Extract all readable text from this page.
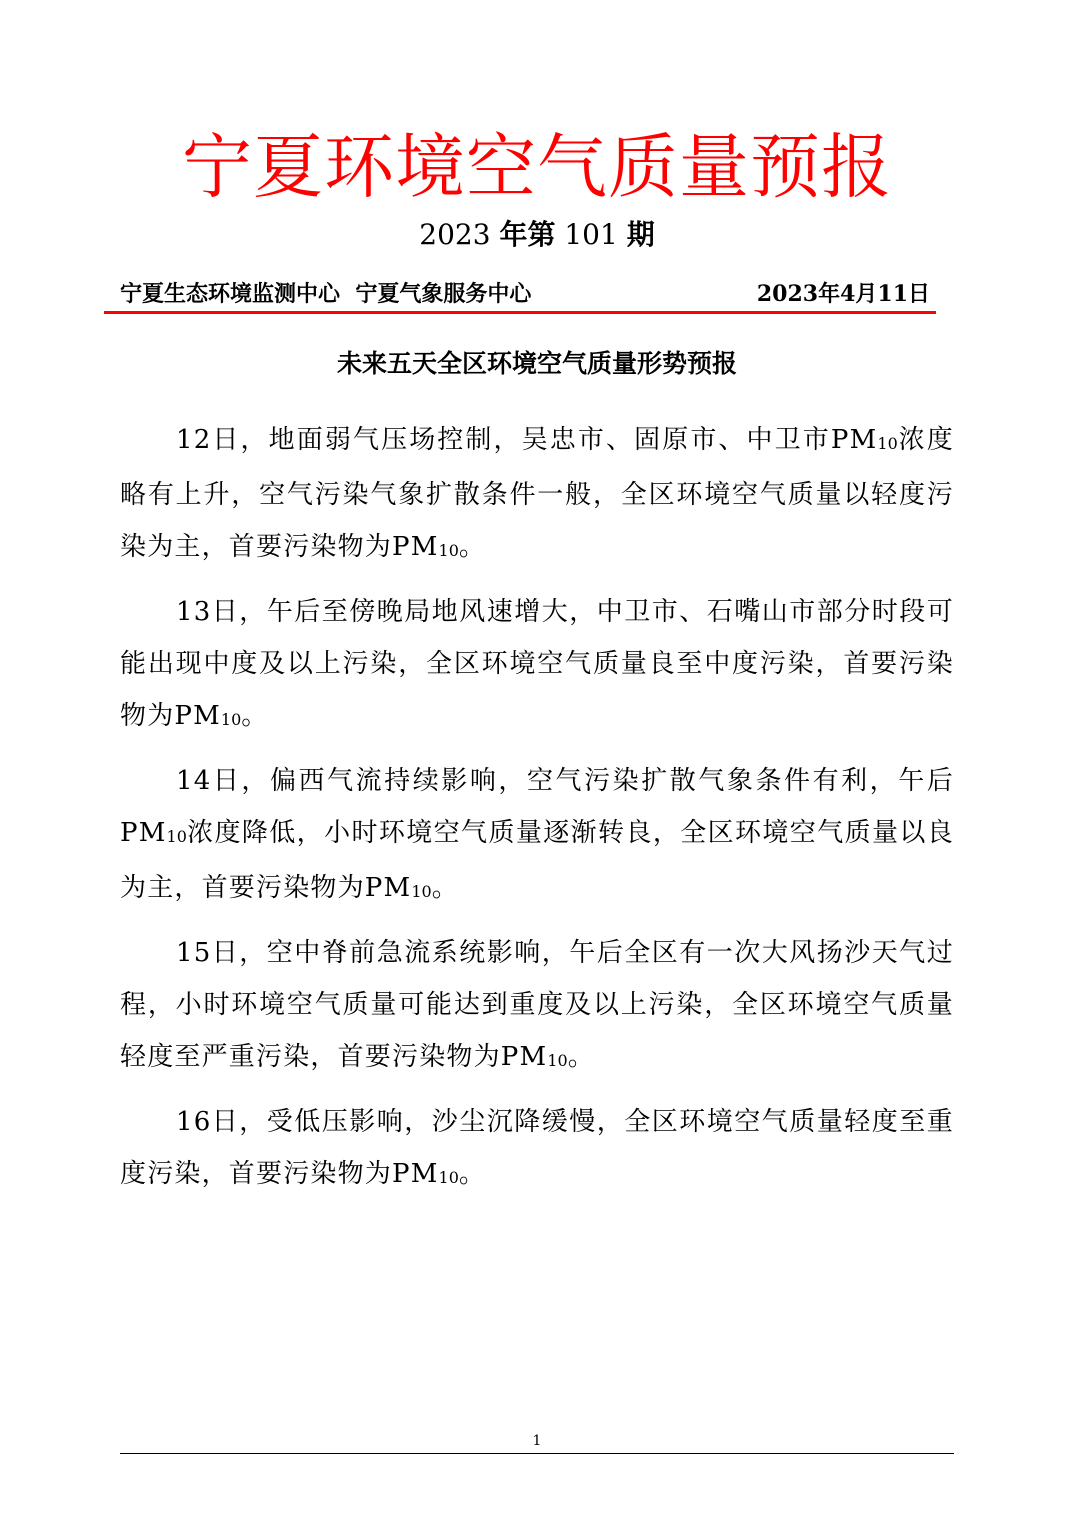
宁夏环境空气质量预报
2023 年第 101 期
宁夏生态环境监测中心  宁夏气象服务中心	2023年4月11日
未来五天全区环境空气质量形势预报

12日，地面弱气压场控制，吴忠市、固原市、中卫市$PM_{10}$浓度略有上升，空气污染气象扩散条件一般，全区环境空气质量以轻度污染为主，首要污染物为$PM_{10}$。

13日，午后至傍晚局地风速增大，中卫市、石嘴山市部分时段可能出现中度及以上污染，全区环境空气质量良至中度污染，首要污染物为$PM_{10}$。

14日，偏西气流持续影响，空气污染扩散气象条件有利，午后$PM_{10}$浓度降低，小时环境空气质量逐渐转良，全区环境空气质量以良为主，首要污染物为$PM_{10}$。

15日，空中脊前急流系统影响，午后全区有一次大风扬沙天气过程，小时环境空气质量可能达到重度及以上污染，全区环境空气质量轻度至严重污染，首要污染物为$PM_{10}$。

16日，受低压影响，沙尘沉降缓慢，全区环境空气质量轻度至重度污染，首要污染物为$PM_{10}$。

1
